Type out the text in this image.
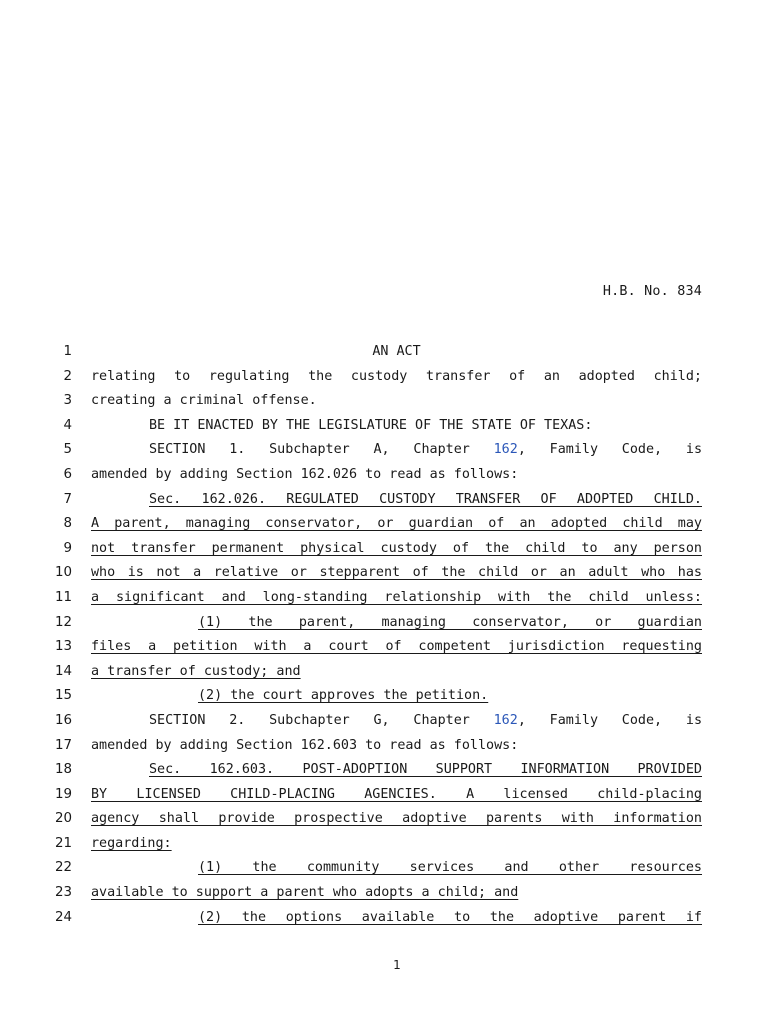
H.B. No. 834
1	AN ACT
2 relating to regulating the custody transfer of an adopted child;
3 creating a criminal offense.
4	BE IT ENACTED BY THE LEGISLATURE OF THE STATE OF TEXAS:
5	SECTION 1. Subchapter A, Chapter 162, Family Code, is
6 amended by adding Section 162.026 to read as follows:
7	Sec. 162.026. REGULATED CUSTODY TRANSFER OF ADOPTED CHILD.
8 A parent, managing conservator, or guardian of an adopted child may
9 not transfer permanent physical custody of the child to any person
10 who is not a relative or stepparent of the child or an adult who has
11 a significant and long-standing relationship with the child unless:
12	(1) the parent, managing conservator, or guardian
13 files a petition with a court of competent jurisdiction requesting
14 a transfer of custody; and
15	(2) the court approves the petition.
16	SECTION 2. Subchapter G, Chapter 162, Family Code, is
17 amended by adding Section 162.603 to read as follows:
18	Sec. 162.603. POST-ADOPTION SUPPORT INFORMATION PROVIDED
19 BY LICENSED CHILD-PLACING AGENCIES. A licensed child-placing
20 agency shall provide prospective adoptive parents with information
21 regarding:
22	(1) the community services and other resources
23 available to support a parent who adopts a child; and
24	(2) the options available to the adoptive parent if
1
